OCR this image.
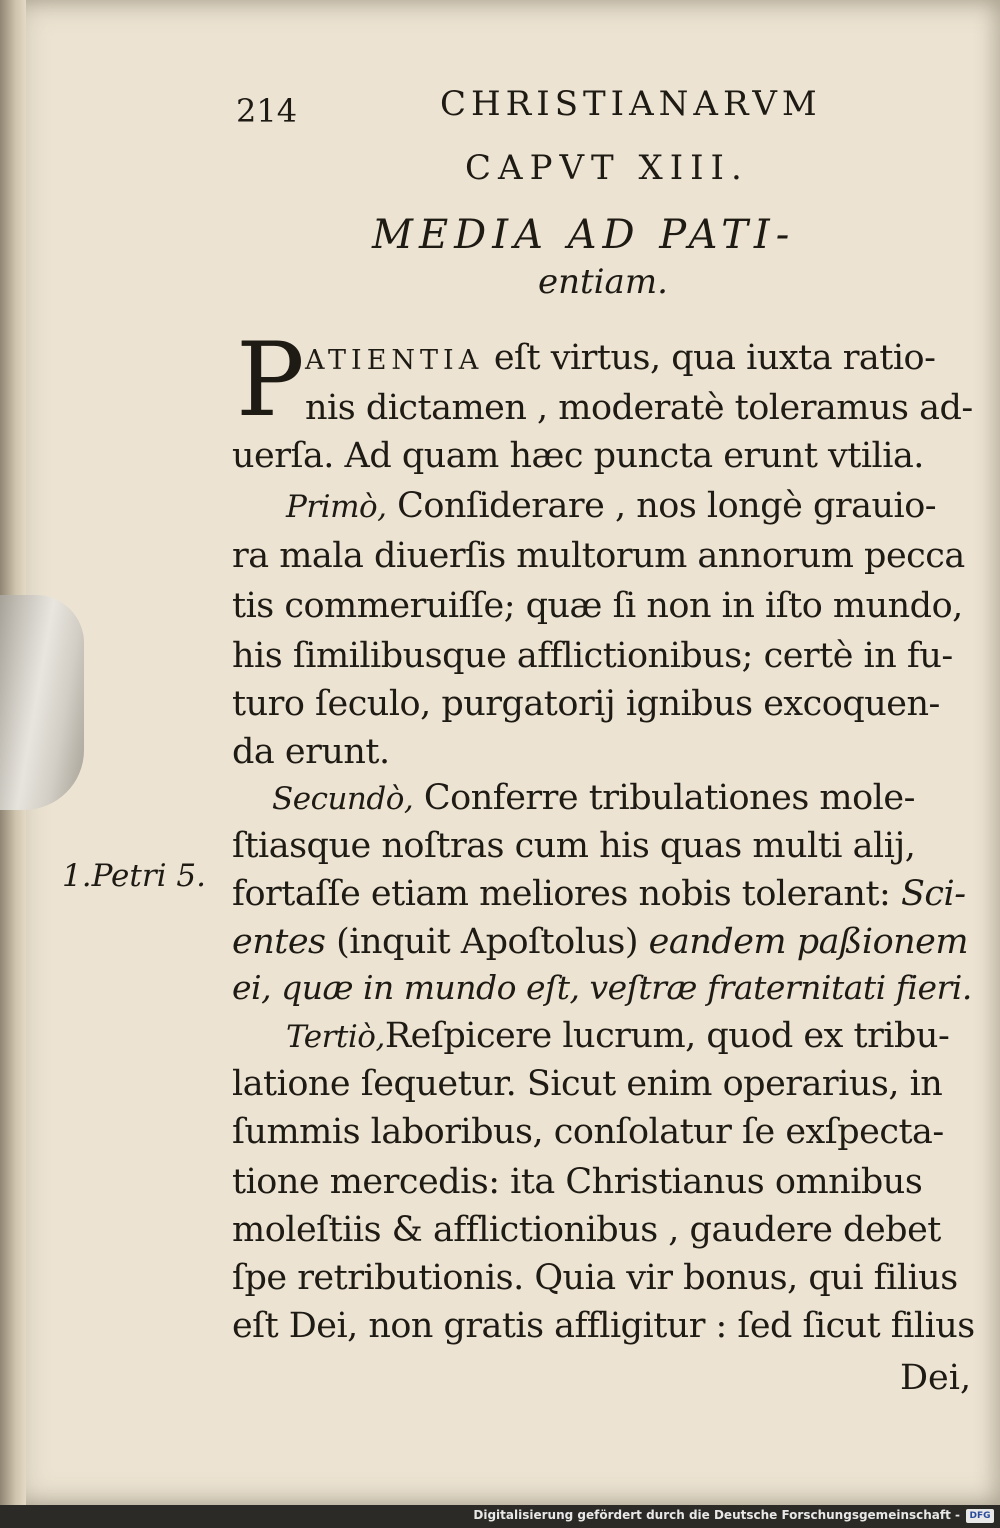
214	CHRISTIANARVM
CAPVT XIII.
MEDIA AD PATI-
entiam.
P ATIENTIA eſt virtus, qua iuxta ratio-
nis dictamen , moderatè toleramus ad-
uerſa. Ad quam hæc puncta erunt vtilia.
Primò, Conſiderare , nos longè grauio-
ra mala diuerſis multorum annorum pecca
tis commeruiſſe; quæ ſi non in iſto mundo,
his ſimilibusque afflictionibus; certè in fu-
turo ſeculo, purgatorij ignibus excoquen-
da erunt.
Secundò, Conferre tribulationes mole-
ſtiasque noſtras cum his quas multi alij,
1.Petri 5. fortaſſe etiam meliores nobis tolerant: Sci-
entes (inquit Apoſtolus) eandem paßionem
ei, quæ in mundo eſt, veſtræ fraternitati fieri.
Tertiò,Reſpicere lucrum, quod ex tribu-
latione ſequetur. Sicut enim operarius, in
ſummis laboribus, conſolatur ſe exſpecta-
tione mercedis: ita Christianus omnibus
moleſtiis & afflictionibus , gaudere debet
ſpe retributionis. Quia vir bonus, qui filius
eſt Dei, non gratis affligitur : ſed ſicut filius
Dei,
Digitalisierung gefördert durch die Deutsche Forschungsgemeinschaft -	DFG
